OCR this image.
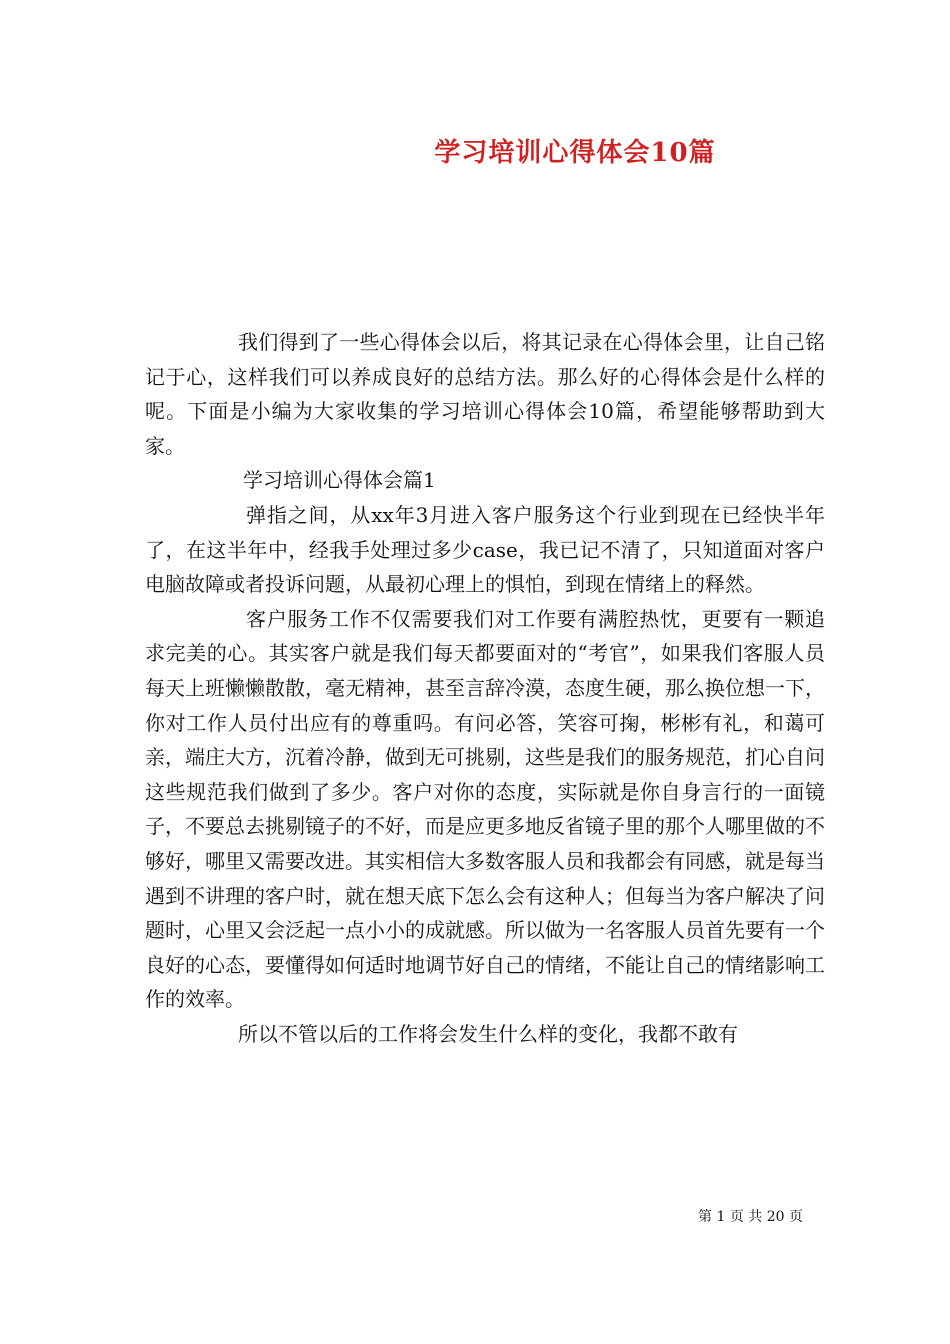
学习培训心得体会10篇

我们得到了一些心得体会以后，将其记录在心得体会里，让自己铭记于心，这样我们可以养成良好的总结方法。那么好的心得体会是什么样的呢。下面是小编为大家收集的学习培训心得体会10篇，希望能够帮助到大家。

学习培训心得体会篇1

弹指之间，从xx年3月进入客户服务这个行业到现在已经快半年了，在这半年中，经我手处理过多少case，我已记不清了，只知道面对客户电脑故障或者投诉问题，从最初心理上的惧怕，到现在情绪上的释然。

客户服务工作不仅需要我们对工作要有满腔热忱，更要有一颗追求完美的心。其实客户就是我们每天都要面对的“考官”，如果我们客服人员每天上班懒懒散散，毫无精神，甚至言辞冷漠，态度生硬，那么换位想一下，你对工作人员付出应有的尊重吗。有问必答，笑容可掬，彬彬有礼，和蔼可亲，端庄大方，沉着冷静，做到无可挑剔，这些是我们的服务规范，扪心自问这些规范我们做到了多少。客户对你的态度，实际就是你自身言行的一面镜子，不要总去挑剔镜子的不好，而是应更多地反省镜子里的那个人哪里做的不够好，哪里又需要改进。其实相信大多数客服人员和我都会有同感，就是每当遇到不讲理的客户时，就在想天底下怎么会有这种人；但每当为客户解决了问题时，心里又会泛起一点小小的成就感。所以做为一名客服人员首先要有一个良好的心态，要懂得如何适时地调节好自己的情绪，不能让自己的情绪影响工作的效率。

所以不管以后的工作将会发生什么样的变化，我都不敢有

第 1 页 共 20 页
